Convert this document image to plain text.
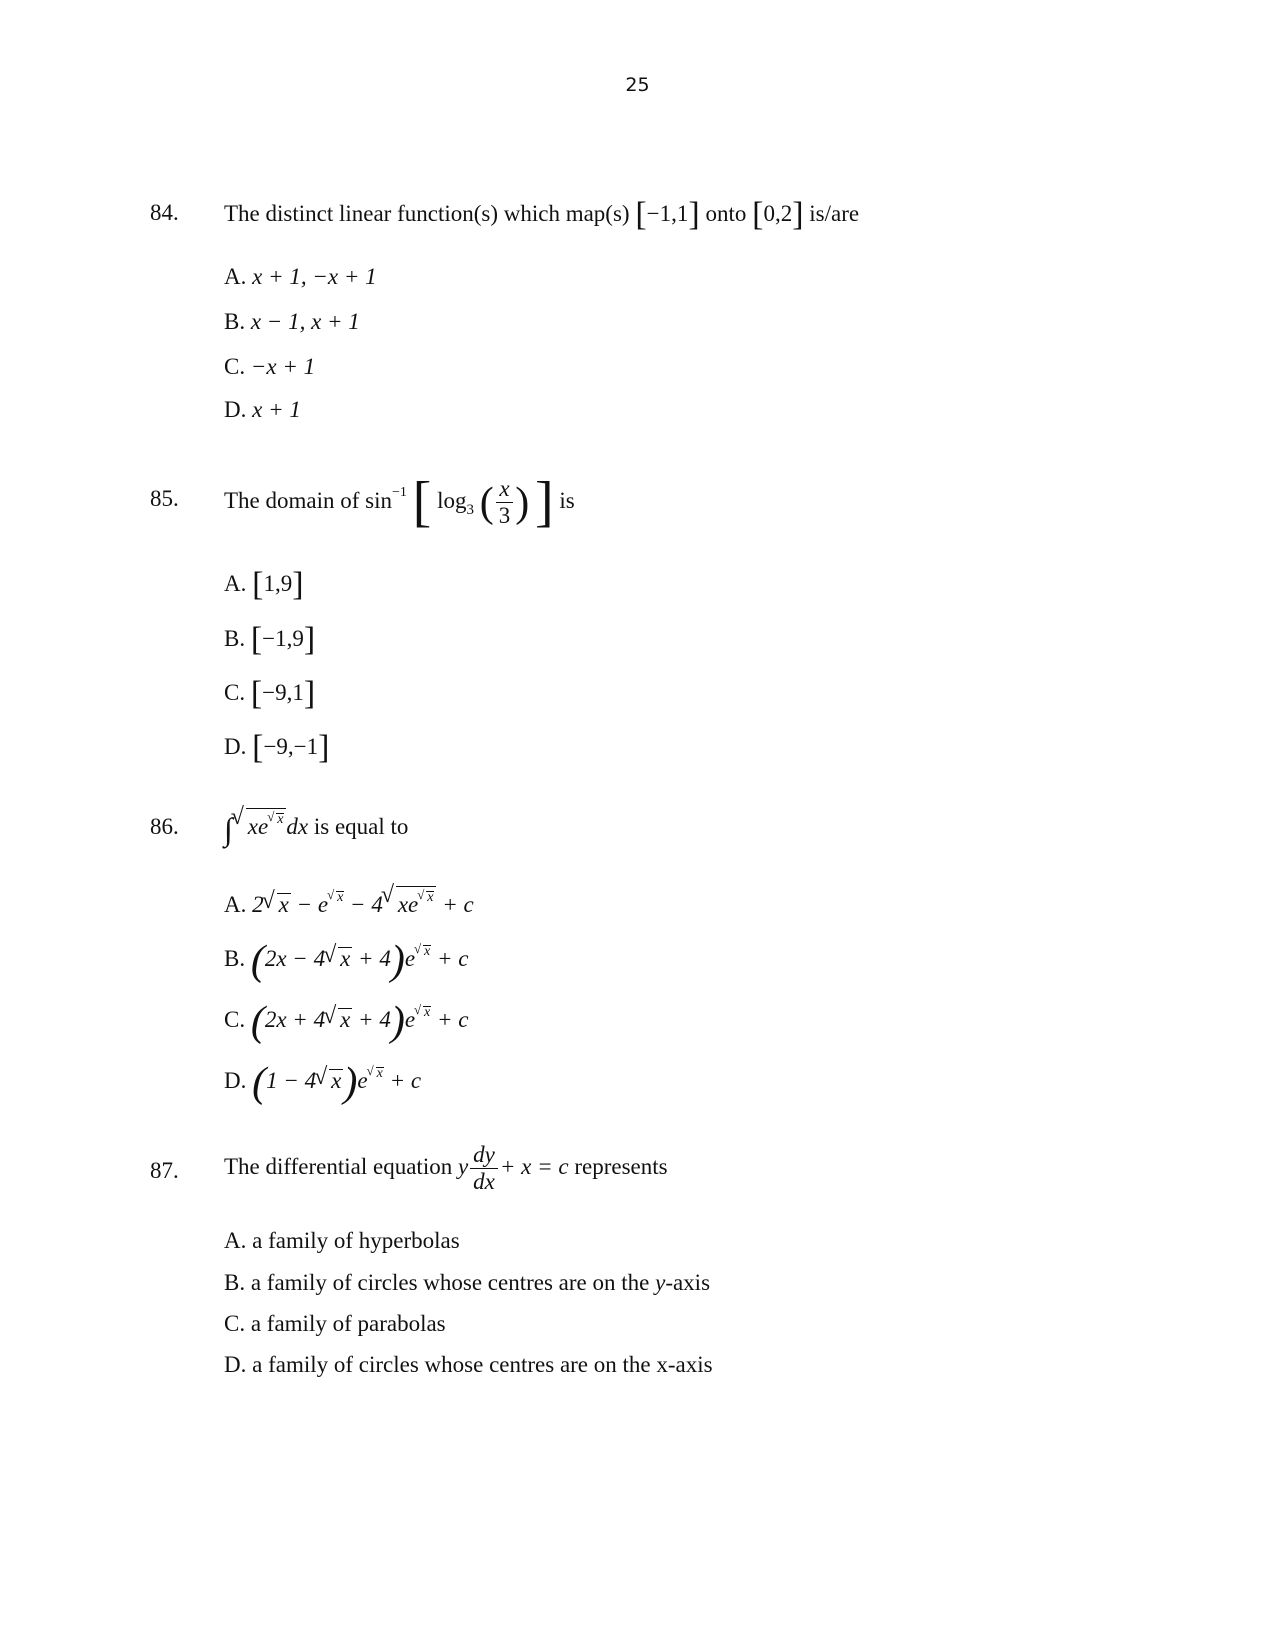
25
84. The distinct linear function(s) which map(s) [−1,1] onto [0,2] is/are
A. x + 1, −x + 1
B. x − 1, x + 1
C. −x + 1
D. x + 1
85. The domain of $\sin^{-1}$ [ $\log_3$ ( $\frac{x}{3}$ ) ] is
A. [1,9]
B. [−1,9]
C. [−9,1]
D. [−9,−1]
86. ∫ √ xe √ $^x$ dx is equal to
A. 2 √ x − e √ $^x$ − 4 √ xe √ $^x$ + c
B. (2x − 4 √ x + 4)e √ $^x$ + c
C. (2x + 4 √ x + 4)e √ $^x$ + c
D. (1 − 4 √ x)e √ $^x$ + c
87. The differential equation y $\frac{dy}{dx} + x = c$ represents
A. a family of hyperbolas
B. a family of circles whose centres are on the y-axis
C. a family of parabolas
D. a family of circles whose centres are on the x-axis
